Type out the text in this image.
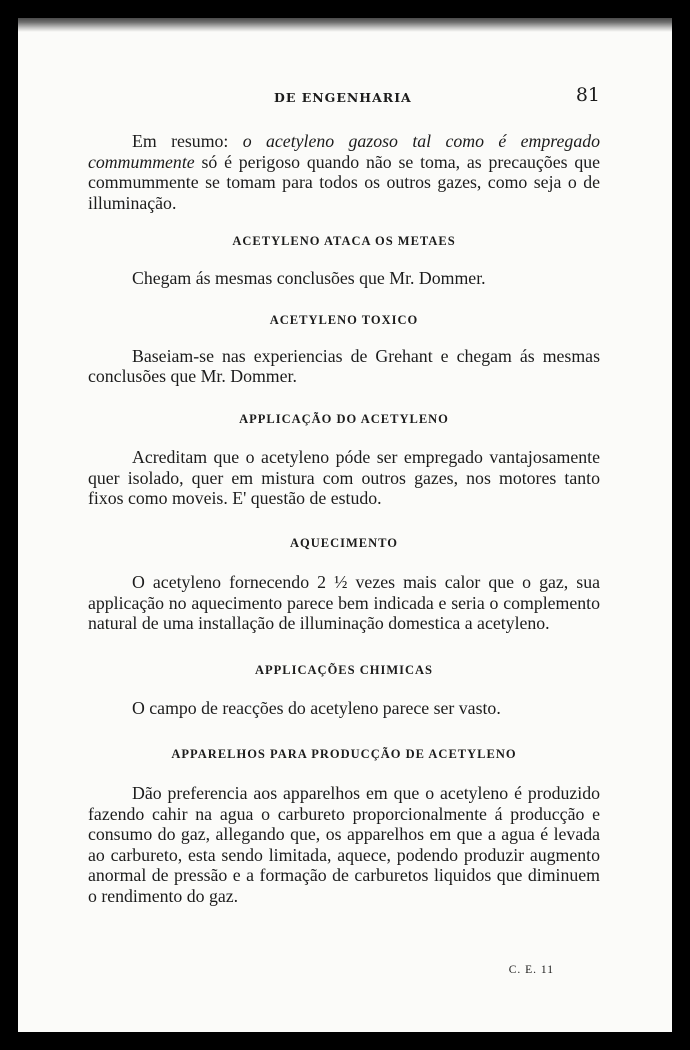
DE ENGENHARIA	81

Em resumo: o acetyleno gazoso tal como é empregado commummente só é perigoso quando não se toma, as precauções que commummente se tomam para todos os outros gazes, como seja o de illuminação.

ACETYLENO ATACA OS METAES

Chegam ás mesmas conclusões que Mr. Dommer.

ACETYLENO TOXICO

Baseiam-se nas experiencias de Grehant e chegam ás mesmas conclusões que Mr. Dommer.

APPLICAÇÃO DO ACETYLENO

Acreditam que o acetyleno póde ser empregado vantajosamente quer isolado, quer em mistura com outros gazes, nos motores tanto fixos como moveis. E' questão de estudo.

AQUECIMENTO

O acetyleno fornecendo 2 ½ vezes mais calor que o gaz, sua applicação no aquecimento parece bem indicada e seria o complemento natural de uma installação de illuminação domestica a acetyleno.

APPLICAÇÕES CHIMICAS

O campo de reacções do acetyleno parece ser vasto.

APPARELHOS PARA PRODUCÇÃO DE ACETYLENO

Dão preferencia aos apparelhos em que o acetyleno é produzido fazendo cahir na agua o carbureto proporcionalmente á producção e consumo do gaz, allegando que, os apparelhos em que a agua é levada ao carbureto, esta sendo limitada, aquece, podendo produzir augmento anormal de pressão e a formação de carburetos liquidos que diminuem o rendimento do gaz.

C. E. 11
